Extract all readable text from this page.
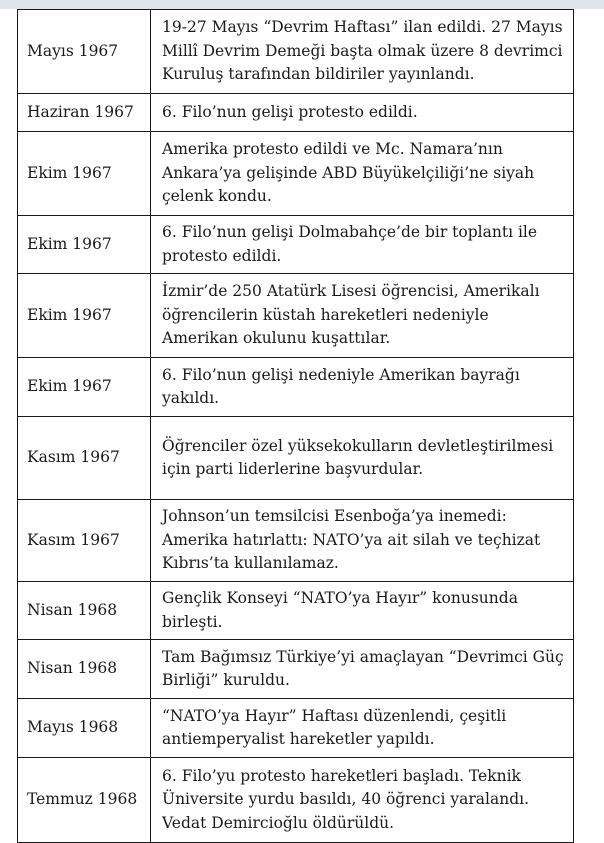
Mayıs 1967	19-27 Mayıs “Devrim Haftası” ilan edildi. 27 Mayıs Millî Devrim Demeği başta olmak üzere 8 devrimci Kuruluş tarafından bildiriler yayınlandı.
Haziran 1967	6. Filo’nun gelişi protesto edildi.
Ekim 1967	Amerika protesto edildi ve Mc. Namara’nın Ankara’ya gelişinde ABD Büyükelçiliği’ne siyah çelenk kondu.
Ekim 1967	6. Filo’nun gelişi Dolmabahçe’de bir toplantı ile protesto edildi.
Ekim 1967	İzmir’de 250 Atatürk Lisesi öğrencisi, Amerikalı öğrencilerin küstah hareketleri nedeniyle Amerikan okulunu kuşattılar.
Ekim 1967	6. Filo’nun gelişi nedeniyle Amerikan bayrağı yakıldı.
Kasım 1967	Öğrenciler özel yüksekokulların devletleştirilmesi için parti liderlerine başvurdular.
Kasım 1967	Johnson’un temsilcisi Esenboğa’ya inemedi: Amerika hatırlattı: NATO’ya ait silah ve teçhizat Kıbrıs’ta kullanılamaz.
Nisan 1968	Gençlik Konseyi “NATO’ya Hayır” konusunda birleşti.
Nisan 1968	Tam Bağımsız Türkiye’yi amaçlayan “Devrimci Güç Birliği” kuruldu.
Mayıs 1968	“NATO’ya Hayır” Haftası düzenlendi, çeşitli antiemperyalist hareketler yapıldı.
Temmuz 1968	6. Filo’yu protesto hareketleri başladı. Teknik Üniversite yurdu basıldı, 40 öğrenci yaralandı. Vedat Demircioğlu öldürüldü.
